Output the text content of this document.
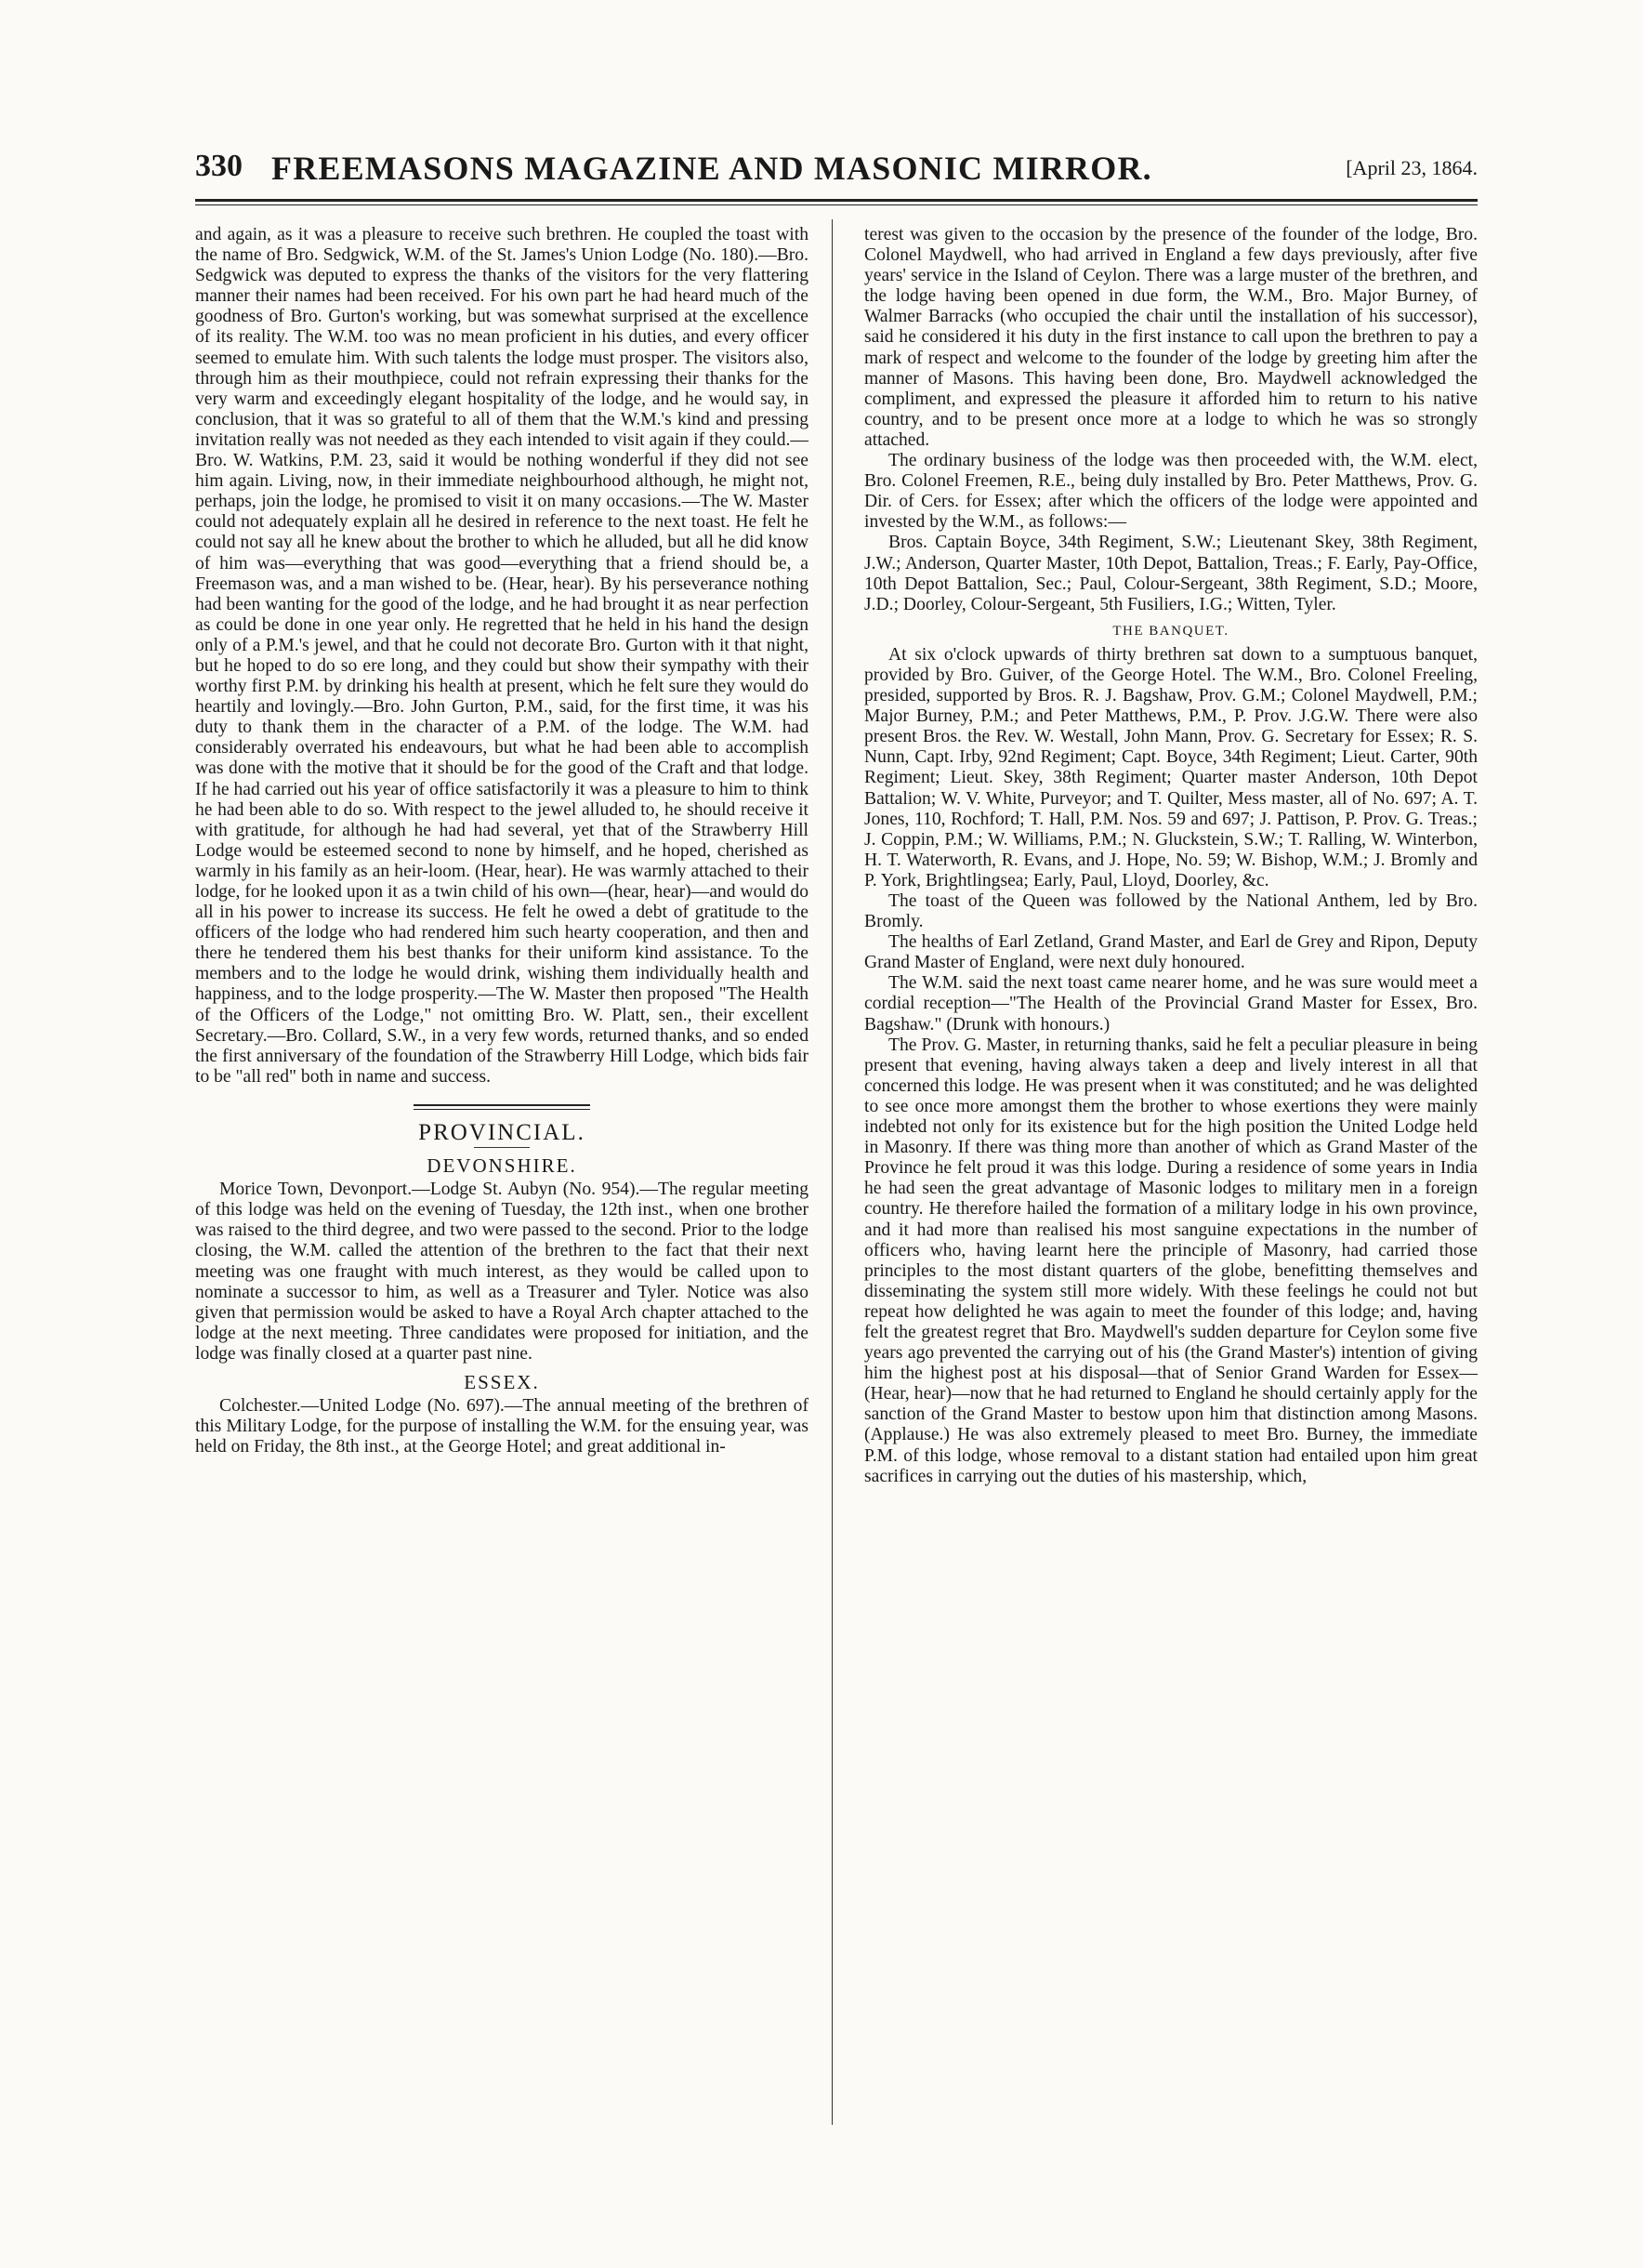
330 FREEMASONS MAGAZINE AND MASONIC MIRROR.	[April 23, 1864.

and again, as it was a pleasure to receive such brethren. He coupled the toast with the name of Bro. Sedgwick, W.M. of the St. James's Union Lodge (No. 180).—Bro. Sedgwick was deputed to express the thanks of the visitors for the very flattering manner their names had been received. For his own part he had heard much of the goodness of Bro. Gurton's working, but was somewhat surprised at the excellence of its reality. The W.M. too was no mean proficient in his duties, and every officer seemed to emulate him. With such talents the lodge must prosper. The visitors also, through him as their mouthpiece, could not refrain expressing their thanks for the very warm and exceedingly elegant hospitality of the lodge, and he would say, in conclusion, that it was so grateful to all of them that the W.M.'s kind and pressing invitation really was not needed as they each intended to visit again if they could.—Bro. W. Watkins, P.M. 23, said it would be nothing wonderful if they did not see him again. Living, now, in their immediate neighbourhood although, he might not, perhaps, join the lodge, he promised to visit it on many occasions.—The W. Master could not adequately explain all he desired in reference to the next toast. He felt he could not say all he knew about the brother to which he alluded, but all he did know of him was—everything that was good—everything that a friend should be, a Freemason was, and a man wished to be. (Hear, hear). By his perseverance nothing had been wanting for the good of the lodge, and he had brought it as near perfection as could be done in one year only. He regretted that he held in his hand the design only of a P.M.'s jewel, and that he could not decorate Bro. Gurton with it that night, but he hoped to do so ere long, and they could but show their sympathy with their worthy first P.M. by drinking his health at present, which he felt sure they would do heartily and lovingly.—Bro. John Gurton, P.M., said, for the first time, it was his duty to thank them in the character of a P.M. of the lodge. The W.M. had considerably overrated his endeavours, but what he had been able to accomplish was done with the motive that it should be for the good of the Craft and that lodge. If he had carried out his year of office satisfactorily it was a pleasure to him to think he had been able to do so. With respect to the jewel alluded to, he should receive it with gratitude, for although he had had several, yet that of the Strawberry Hill Lodge would be esteemed second to none by himself, and he hoped, cherished as warmly in his family as an heir-loom. (Hear, hear). He was warmly attached to their lodge, for he looked upon it as a twin child of his own—(hear, hear)—and would do all in his power to increase its success. He felt he owed a debt of gratitude to the officers of the lodge who had rendered him such hearty cooperation, and then and there he tendered them his best thanks for their uniform kind assistance. To the members and to the lodge he would drink, wishing them individually health and happiness, and to the lodge prosperity.—The W. Master then proposed "The Health of the Officers of the Lodge," not omitting Bro. W. Platt, sen., their excellent Secretary.—Bro. Collard, S.W., in a very few words, returned thanks, and so ended the first anniversary of the foundation of the Strawberry Hill Lodge, which bids fair to be "all red" both in name and success.

PROVINCIAL.
DEVONSHIRE.

Morice Town, Devonport.—Lodge St. Aubyn (No. 954).—The regular meeting of this lodge was held on the evening of Tuesday, the 12th inst., when one brother was raised to the third degree, and two were passed to the second. Prior to the lodge closing, the W.M. called the attention of the brethren to the fact that their next meeting was one fraught with much interest, as they would be called upon to nominate a successor to him, as well as a Treasurer and Tyler. Notice was also given that permission would be asked to have a Royal Arch chapter attached to the lodge at the next meeting. Three candidates were proposed for initiation, and the lodge was finally closed at a quarter past nine.

ESSEX.

Colchester.—United Lodge (No. 697).—The annual meeting of the brethren of this Military Lodge, for the purpose of installing the W.M. for the ensuing year, was held on Friday, the 8th inst., at the George Hotel; and great additional in-

terest was given to the occasion by the presence of the founder of the lodge, Bro. Colonel Maydwell, who had arrived in England a few days previously, after five years' service in the Island of Ceylon. There was a large muster of the brethren, and the lodge having been opened in due form, the W.M., Bro. Major Burney, of Walmer Barracks (who occupied the chair until the installation of his successor), said he considered it his duty in the first instance to call upon the brethren to pay a mark of respect and welcome to the founder of the lodge by greeting him after the manner of Masons. This having been done, Bro. Maydwell acknowledged the compliment, and expressed the pleasure it afforded him to return to his native country, and to be present once more at a lodge to which he was so strongly attached.

The ordinary business of the lodge was then proceeded with, the W.M. elect, Bro. Colonel Freemen, R.E., being duly installed by Bro. Peter Matthews, Prov. G. Dir. of Cers. for Essex; after which the officers of the lodge were appointed and invested by the W.M., as follows:—

Bros. Captain Boyce, 34th Regiment, S.W.; Lieutenant Skey, 38th Regiment, J.W.; Anderson, Quarter Master, 10th Depot, Battalion, Treas.; F. Early, Pay-Office, 10th Depot Battalion, Sec.; Paul, Colour-Sergeant, 38th Regiment, S.D.; Moore, J.D.; Doorley, Colour-Sergeant, 5th Fusiliers, I.G.; Witten, Tyler.

THE BANQUET.

At six o'clock upwards of thirty brethren sat down to a sumptuous banquet, provided by Bro. Guiver, of the George Hotel. The W.M., Bro. Colonel Freeling, presided, supported by Bros. R. J. Bagshaw, Prov. G.M.; Colonel Maydwell, P.M.; Major Burney, P.M.; and Peter Matthews, P.M., P. Prov. J.G.W. There were also present Bros. the Rev. W. Westall, John Mann, Prov. G. Secretary for Essex; R. S. Nunn, Capt. Irby, 92nd Regiment; Capt. Boyce, 34th Regiment; Lieut. Carter, 90th Regiment; Lieut. Skey, 38th Regiment; Quarter master Anderson, 10th Depot Battalion; W. V. White, Purveyor; and T. Quilter, Mess master, all of No. 697; A. T. Jones, 110, Rochford; T. Hall, P.M. Nos. 59 and 697; J. Pattison, P. Prov. G. Treas.; J. Coppin, P.M.; W. Williams, P.M.; N. Gluckstein, S.W.; T. Ralling, W. Winterbon, H. T. Waterworth, R. Evans, and J. Hope, No. 59; W. Bishop, W.M.; J. Bromly and P. York, Brightlingsea; Early, Paul, Lloyd, Doorley, &c.

The toast of the Queen was followed by the National Anthem, led by Bro. Bromly.

The healths of Earl Zetland, Grand Master, and Earl de Grey and Ripon, Deputy Grand Master of England, were next duly honoured.

The W.M. said the next toast came nearer home, and he was sure would meet a cordial reception—"The Health of the Provincial Grand Master for Essex, Bro. Bagshaw." (Drunk with honours.)

The Prov. G. Master, in returning thanks, said he felt a peculiar pleasure in being present that evening, having always taken a deep and lively interest in all that concerned this lodge. He was present when it was constituted; and he was delighted to see once more amongst them the brother to whose exertions they were mainly indebted not only for its existence but for the high position the United Lodge held in Masonry. If there was thing more than another of which as Grand Master of the Province he felt proud it was this lodge. During a residence of some years in India he had seen the great advantage of Masonic lodges to military men in a foreign country. He therefore hailed the formation of a military lodge in his own province, and it had more than realised his most sanguine expectations in the number of officers who, having learnt here the principle of Masonry, had carried those principles to the most distant quarters of the globe, benefitting themselves and disseminating the system still more widely. With these feelings he could not but repeat how delighted he was again to meet the founder of this lodge; and, having felt the greatest regret that Bro. Maydwell's sudden departure for Ceylon some five years ago prevented the carrying out of his (the Grand Master's) intention of giving him the highest post at his disposal—that of Senior Grand Warden for Essex—(Hear, hear)—now that he had returned to England he should certainly apply for the sanction of the Grand Master to bestow upon him that distinction among Masons. (Applause.) He was also extremely pleased to meet Bro. Burney, the immediate P.M. of this lodge, whose removal to a distant station had entailed upon him great sacrifices in carrying out the duties of his mastership, which,
